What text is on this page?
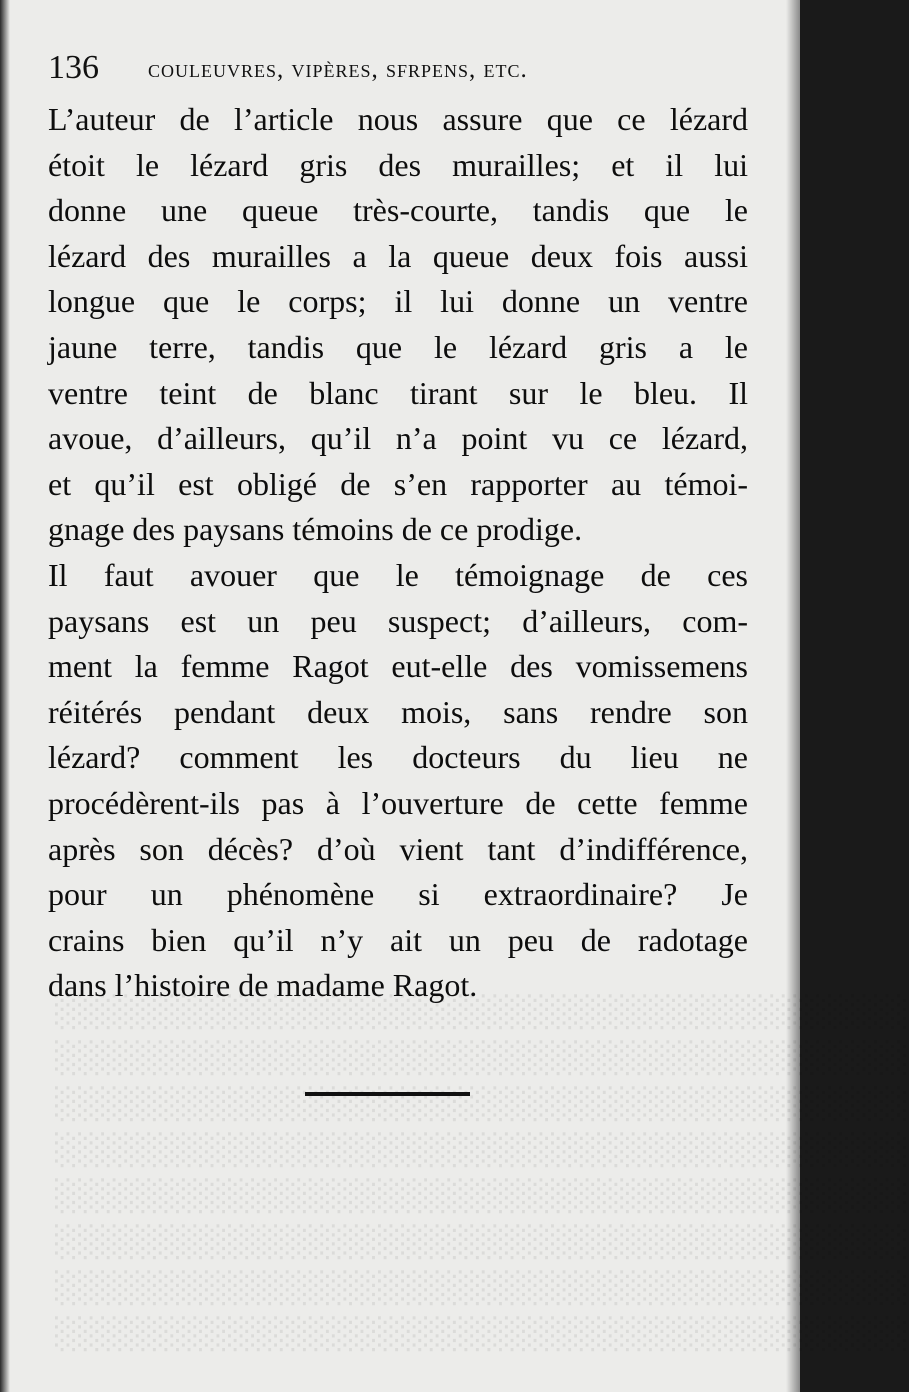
░░░░░░░░░░░░░░░░░░░░░░░░░░░░░░░░░░░░░
░░░░░░░░░░░░░░░░░░░░░░░░░░░░░░░░░░░░░
░░░░░░░░░░░░░░░░░░░░░░░░░░░░░░░░░░░░░
░░░░░░░░░░░░░░░░░░░░░░░░░░░░░░░░░░░░░
░░░░░░░░░░░░░░░░░░░░░░░░░░░░░░░░░░░░░
░░░░░░░░░░░░░░░░░░░░░░░░░░░░░░░░░░░░░
░░░░░░░░░░░░░░░░░░░░░░░░░░░░░░░░░░░░░
░░░░░░░░░░░░░░░░░░░░░░░░░░░░░░░░░░░░░
136 couleuvres, vipères, sfrpens, etc.
L’auteur de l’article nous assure que ce lézard
étoit le lézard gris des murailles; et il lui
donne une queue très-courte, tandis que le
lézard des murailles a la queue deux fois aussi
longue que le corps; il lui donne un ventre
jaune terre, tandis que le lézard gris a le
ventre teint de blanc tirant sur le bleu. Il
avoue, d’ailleurs, qu’il n’a point vu ce lézard,
et qu’il est obligé de s’en rapporter au témoi-
gnage des paysans témoins de ce prodige.
Il faut avouer que le témoignage de ces
paysans est un peu suspect; d’ailleurs, com-
ment la femme Ragot eut-elle des vomissemens
réitérés pendant deux mois, sans rendre son
lézard? comment les docteurs du lieu ne
procédèrent-ils pas à l’ouverture de cette femme
après son décès? d’où vient tant d’indifférence,
pour un phénomène si extraordinaire? Je
crains bien qu’il n’y ait un peu de radotage
dans l’histoire de madame Ragot.
